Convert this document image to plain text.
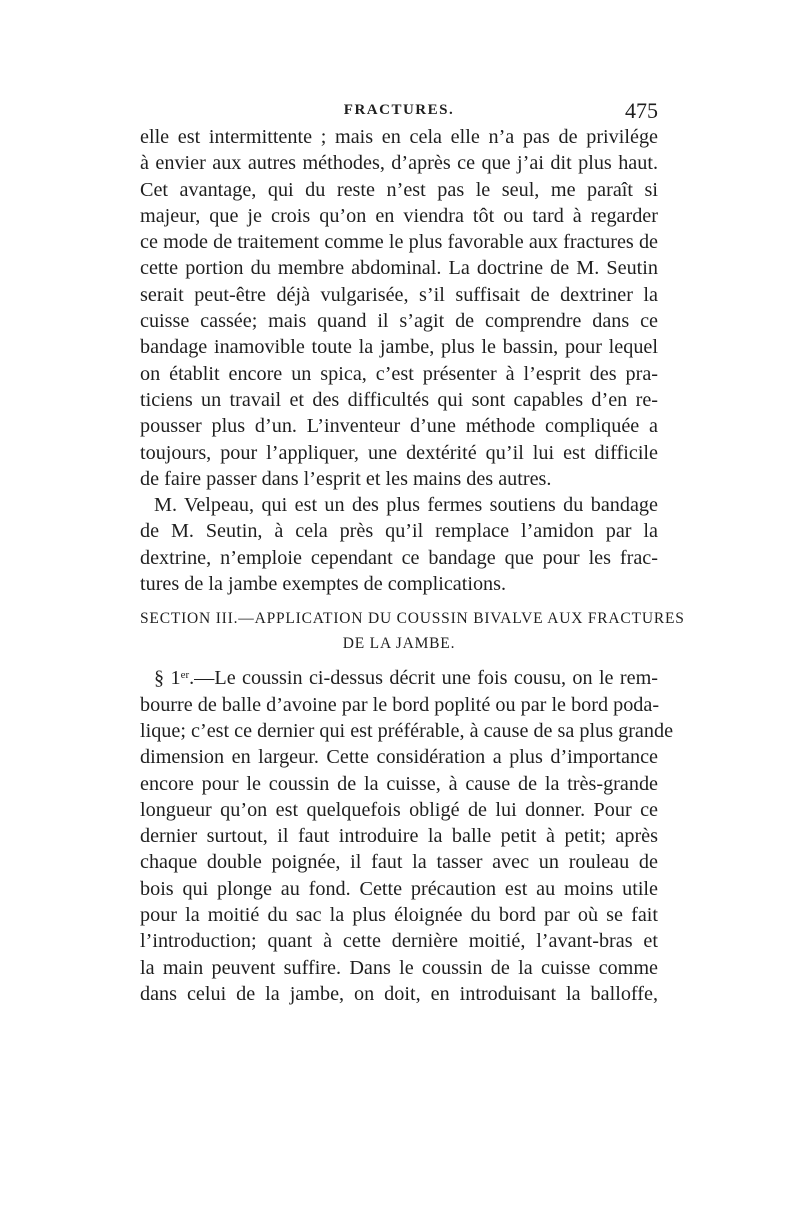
FRACTURES.	475
elle est intermittente ; mais en cela elle n’a pas de privilége
à envier aux autres méthodes, d’après ce que j’ai dit plus haut.
Cet avantage, qui du reste n’est pas le seul, me paraît si
majeur, que je crois qu’on en viendra tôt ou tard à regarder
ce mode de traitement comme le plus favorable aux fractures de
cette portion du membre abdominal. La doctrine de M. Seutin
serait peut-être déjà vulgarisée, s’il suffisait de dextriner la
cuisse cassée; mais quand il s’agit de comprendre dans ce
bandage inamovible toute la jambe, plus le bassin, pour lequel
on établit encore un spica, c’est présenter à l’esprit des pra-
ticiens un travail et des difficultés qui sont capables d’en re-
pousser plus d’un. L’inventeur d’une méthode compliquée a
toujours, pour l’appliquer, une dextérité qu’il lui est difficile
de faire passer dans l’esprit et les mains des autres.
M. Velpeau, qui est un des plus fermes soutiens du bandage
de M. Seutin, à cela près qu’il remplace l’amidon par la
dextrine, n’emploie cependant ce bandage que pour les frac-
tures de la jambe exemptes de complications.
SECTION III.—APPLICATION DU COUSSIN BIVALVE AUX FRACTURES
DE LA JAMBE.
§ 1er.—Le coussin ci-dessus décrit une fois cousu, on le rem-
bourre de balle d’avoine par le bord poplité ou par le bord poda-
lique; c’est ce dernier qui est préférable, à cause de sa plus grande
dimension en largeur. Cette considération a plus d’importance
encore pour le coussin de la cuisse, à cause de la très-grande
longueur qu’on est quelquefois obligé de lui donner. Pour ce
dernier surtout, il faut introduire la balle petit à petit; après
chaque double poignée, il faut la tasser avec un rouleau de
bois qui plonge au fond. Cette précaution est au moins utile
pour la moitié du sac la plus éloignée du bord par où se fait
l’introduction; quant à cette dernière moitié, l’avant-bras et
la main peuvent suffire. Dans le coussin de la cuisse comme
dans celui de la jambe, on doit, en introduisant la balloffe,
